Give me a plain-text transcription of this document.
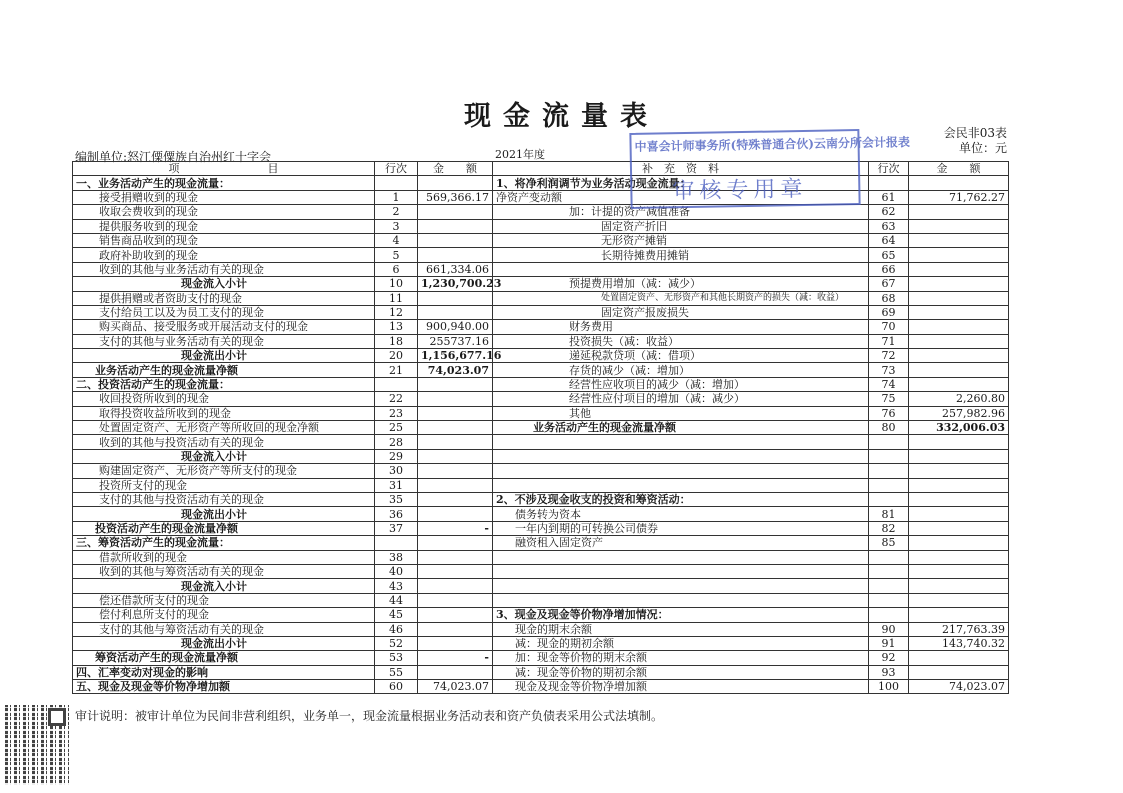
现金流量表
会民非03表
单位：元
编制单位:怒江傈僳族自治州红十字会	2021年度
项　　　　　　　　目	行次	金　　额	补　充　资　料	行次	金　　额
一、业务活动产生的现金流量：			1、将净利润调节为业务活动现金流量：		
接受捐赠收到的现金	1	569,366.17	净资产变动额	61	71,762.27
收取会费收到的现金	2		加：计提的资产减值准备	62	
提供服务收到的现金	3		固定资产折旧	63	
销售商品收到的现金	4		无形资产摊销	64	
政府补助收到的现金	5		长期待摊费用摊销	65	
收到的其他与业务活动有关的现金	6	661,334.06		66	
现金流入小计	10	1,230,700.23	预提费用增加（减：减少）	67	
提供捐赠或者资助支付的现金	11		处置固定资产、无形资产和其他长期资产的损失（减：收益）	68	
支付给员工以及为员工支付的现金	12		固定资产报废损失	69	
购买商品、接受服务或开展活动支付的现金	13	900,940.00	财务费用	70	
支付的其他与业务活动有关的现金	18	255737.16	投资损失（减：收益）	71	
现金流出小计	20	1,156,677.16	递延税款贷项（减：借项）	72	
业务活动产生的现金流量净额	21	74,023.07	存货的减少（减：增加）	73	
二、投资活动产生的现金流量：			经营性应收项目的减少（减：增加）	74	
收回投资所收到的现金	22		经营性应付项目的增加（减：减少）	75	2,260.80
取得投资收益所收到的现金	23		其他	76	257,982.96
处置固定资产、无形资产等所收回的现金净额	25		业务活动产生的现金流量净额	80	332,006.03
收到的其他与投资活动有关的现金	28				
现金流入小计	29				
购建固定资产、无形资产等所支付的现金	30				
投资所支付的现金	31				
支付的其他与投资活动有关的现金	35		2、不涉及现金收支的投资和筹资活动：		
现金流出小计	36		债务转为资本	81	
投资活动产生的现金流量净额	37	-	一年内到期的可转换公司债券	82	
三、筹资活动产生的现金流量：			融资租入固定资产	85	
借款所收到的现金	38				
收到的其他与筹资活动有关的现金	40				
现金流入小计	43				
偿还借款所支付的现金	44				
偿付利息所支付的现金	45		3、现金及现金等价物净增加情况：		
支付的其他与筹资活动有关的现金	46		现金的期末余额	90	217,763.39
现金流出小计	52		减：现金的期初余额	91	143,740.32
筹资活动产生的现金流量净额	53	-	加：现金等价物的期末余额	92	
四、汇率变动对现金的影响	55		减：现金等价物的期初余额	93	
五、现金及现金等价物净增加额	60	74,023.07	现金及现金等价物净增加额	100	74,023.07
中喜会计师事务所(特殊普通合伙)云南分所会计报表
审核专用章
审计说明：被审计单位为民间非营利组织，业务单一，现金流量根据业务活动表和资产负债表采用公式法填制。
